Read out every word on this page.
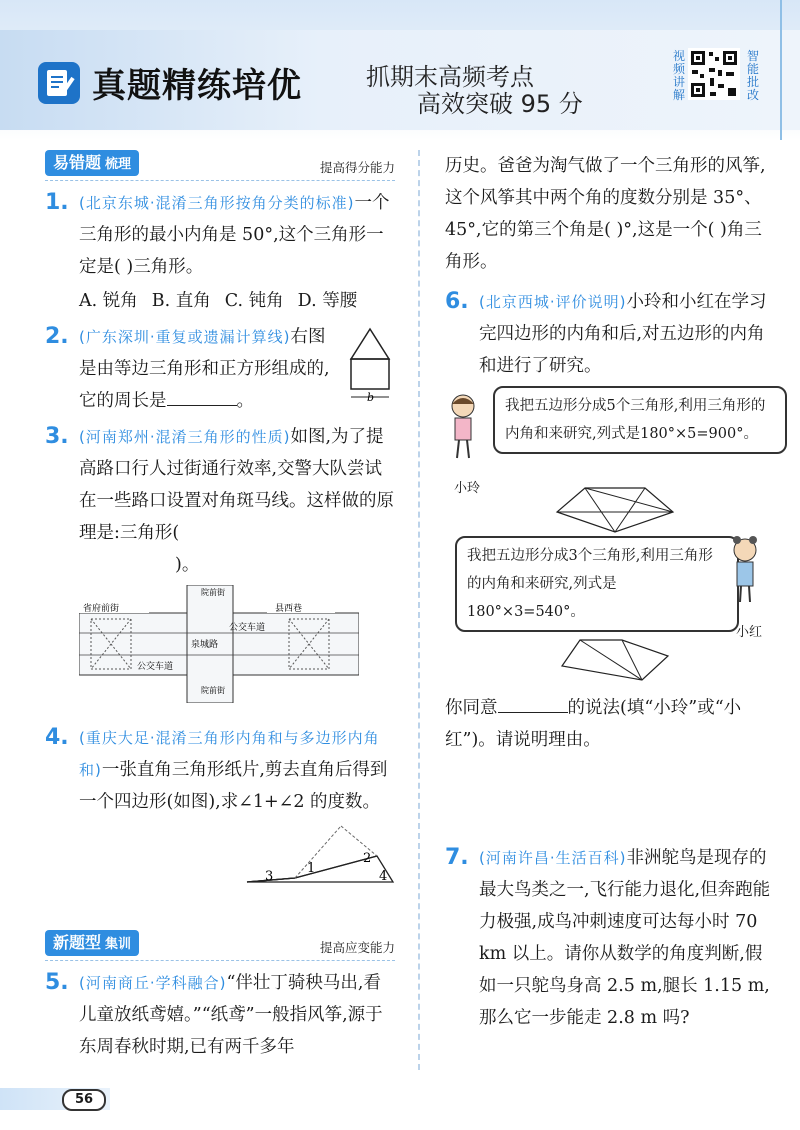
真题精练培优	抓期末高频考点
高效突破 95 分
视频讲解
智能批改
易错题 梳理	提高得分能力
1. (北京东城·混淆三角形按角分类的标准)一个三角形的最小内角是 50°,这个三角形一定是( )三角形。

A. 锐角 B. 直角 C. 钝角 D. 等腰
2. (广东深圳·重复或遗漏计算线)右图是由等边三角形和正方形组成的,它的周长是	。	b
3. (河南郑州·混淆三角形的性质)如图,为了提高路口行人过街通行效率,交警大队尝试在一些路口设置对角斑马线。这样做的原理是:三角形(

)。

省府前街	县西巷
院前街
院前街
公交车道
泉城路
公交车道
4. (重庆大足·混淆三角形内角和与多边形内角和)一张直角三角形纸片,剪去直角后得到一个四边形(如图),求∠1+∠2 的度数。

1
2
3	4
新题型 集训	提高应变能力
5. (河南商丘·学科融合)“伴壮丁骑秧马出,看儿童放纸鸢嬉。”“纸鸢”一般指风筝,源于东周春秋时期,已有两千多年

历史。爸爸为淘气做了一个三角形的风筝,这个风筝其中两个角的度数分别是 35°、45°,它的第三个角是( )°,这是一个( )角三角形。

6. (北京西城·评价说明)小玲和小红在学习完四边形的内角和后,对五边形的内角和进行了研究。

小玲
我把五边形分成5个三角形,利用三角形的内角和来研究,列式是180°×5=900°。
我把五边形分成3个三角形,利用三角形的内角和来研究,列式是180°×3=540°。
小红

你同意	的说法(填“小玲”或“小红”)。请说明理由。

7. (河南许昌·生活百科)非洲鸵鸟是现存的最大鸟类之一,飞行能力退化,但奔跑能力极强,成鸟冲刺速度可达每小时 70 km 以上。请你从数学的角度判断,假如一只鸵鸟身高 2.5 m,腿长 1.15 m,那么它一步能走 2.8 m 吗?

56
